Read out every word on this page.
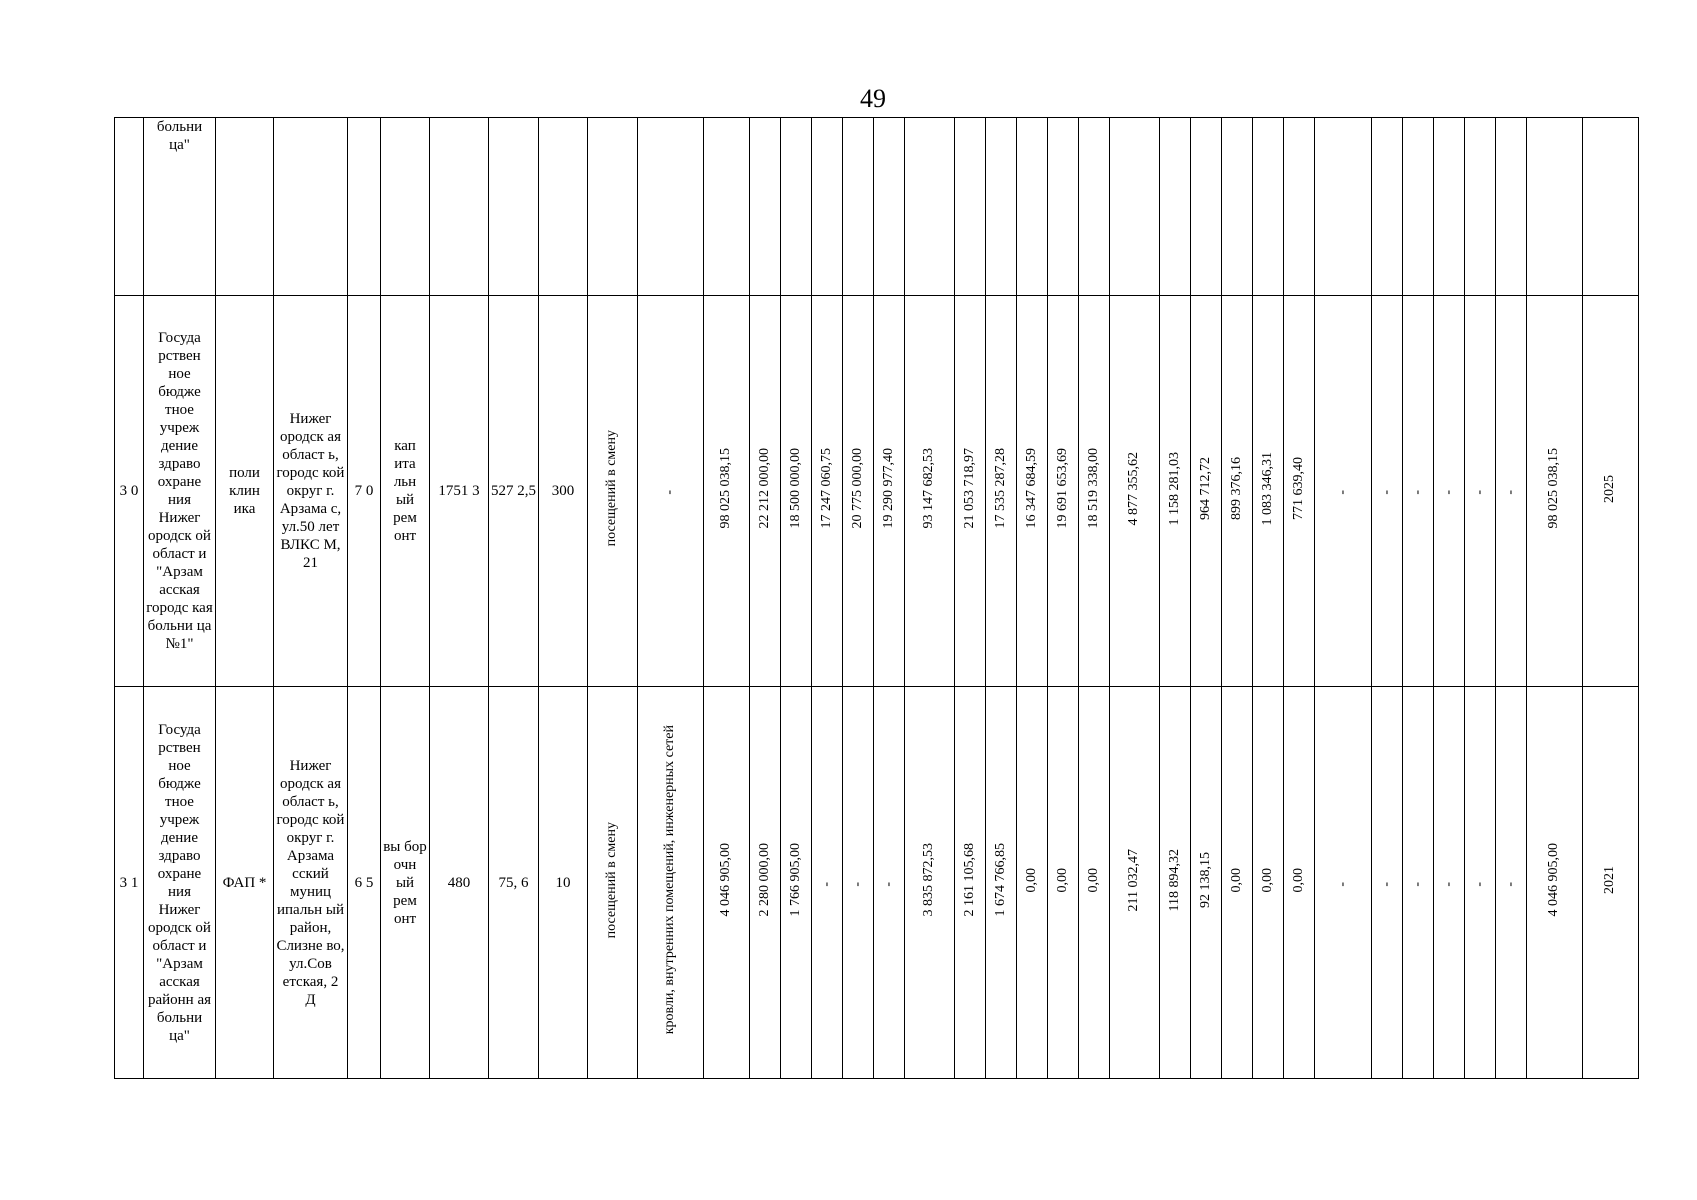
49
	больни ца"																																			
3 0	Госуда рствен ное бюдже тное учреж дение здраво охране ния Нижег ородск ой област и "Арзам асская городс кая больни ца №1"	поли клин ика	Нижег ородск ая област ь, городс кой округ г. Арзама с, ул.50 лет ВЛКС М, 21	7 0	кап ита льн ый рем онт	1751 3	527 2,5	300	посещений в смену	-	98 025 038,15	22 212 000,00	18 500 000,00	17 247 060,75	20 775 000,00	19 290 977,40	93 147 682,53	21 053 718,97	17 535 287,28	16 347 684,59	19 691 653,69	18 519 338,00	4 877 355,62	1 158 281,03	964 712,72	899 376,16	1 083 346,31	771 639,40	-	-	-	-	-	-	98 025 038,15	2025
3 1	Госуда рствен ное бюдже тное учреж дение здраво охране ния Нижег ородск ой област и "Арзам асская районн ая больни ца"	ФАП *	Нижег ородск ая област ь, городс кой округ г. Арзама сский муниц ипальн ый район, Слизне во, ул.Сов етская, 2 Д	6 5	вы бор очн ый рем онт	480	75, 6	10	посещений в смену	кровли, внутренних помещений, инженерных сетей	4 046 905,00	2 280 000,00	1 766 905,00	-	-	-	3 835 872,53	2 161 105,68	1 674 766,85	0,00	0,00	0,00	211 032,47	118 894,32	92 138,15	0,00	0,00	0,00	-	-	-	-	-	-	4 046 905,00	2021
